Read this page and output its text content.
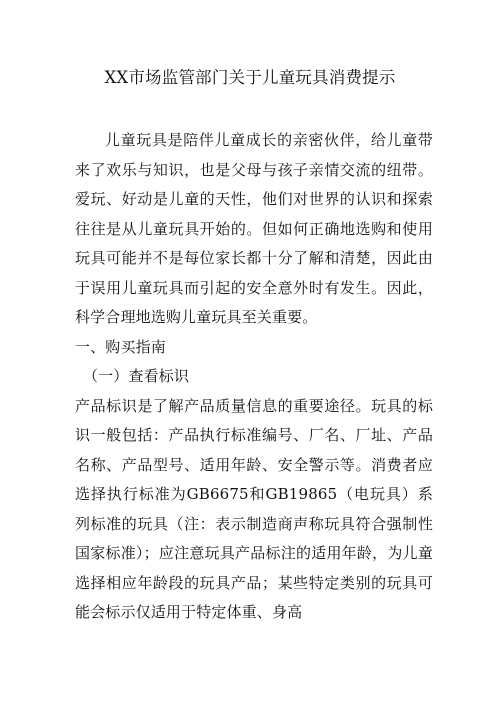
XX市场监管部门关于儿童玩具消费提示

儿童玩具是陪伴儿童成长的亲密伙伴，给儿童带来了欢乐与知识，也是父母与孩子亲情交流的纽带。爱玩、好动是儿童的天性，他们对世界的认识和探索往往是从儿童玩具开始的。但如何正确地选购和使用玩具可能并不是每位家长都十分了解和清楚，因此由于误用儿童玩具而引起的安全意外时有发生。因此，科学合理地选购儿童玩具至关重要。

一、购买指南

（一）查看标识

产品标识是了解产品质量信息的重要途径。玩具的标识一般包括：产品执行标准编号、厂名、厂址、产品名称、产品型号、适用年龄、安全警示等。消费者应选择执行标准为GB6675和GB19865（电玩具）系列标准的玩具（注：表示制造商声称玩具符合强制性国家标准）；应注意玩具产品标注的适用年龄，为儿童选择相应年龄段的玩具产品；某些特定类别的玩具可能会标示仅适用于特定体重、身高
